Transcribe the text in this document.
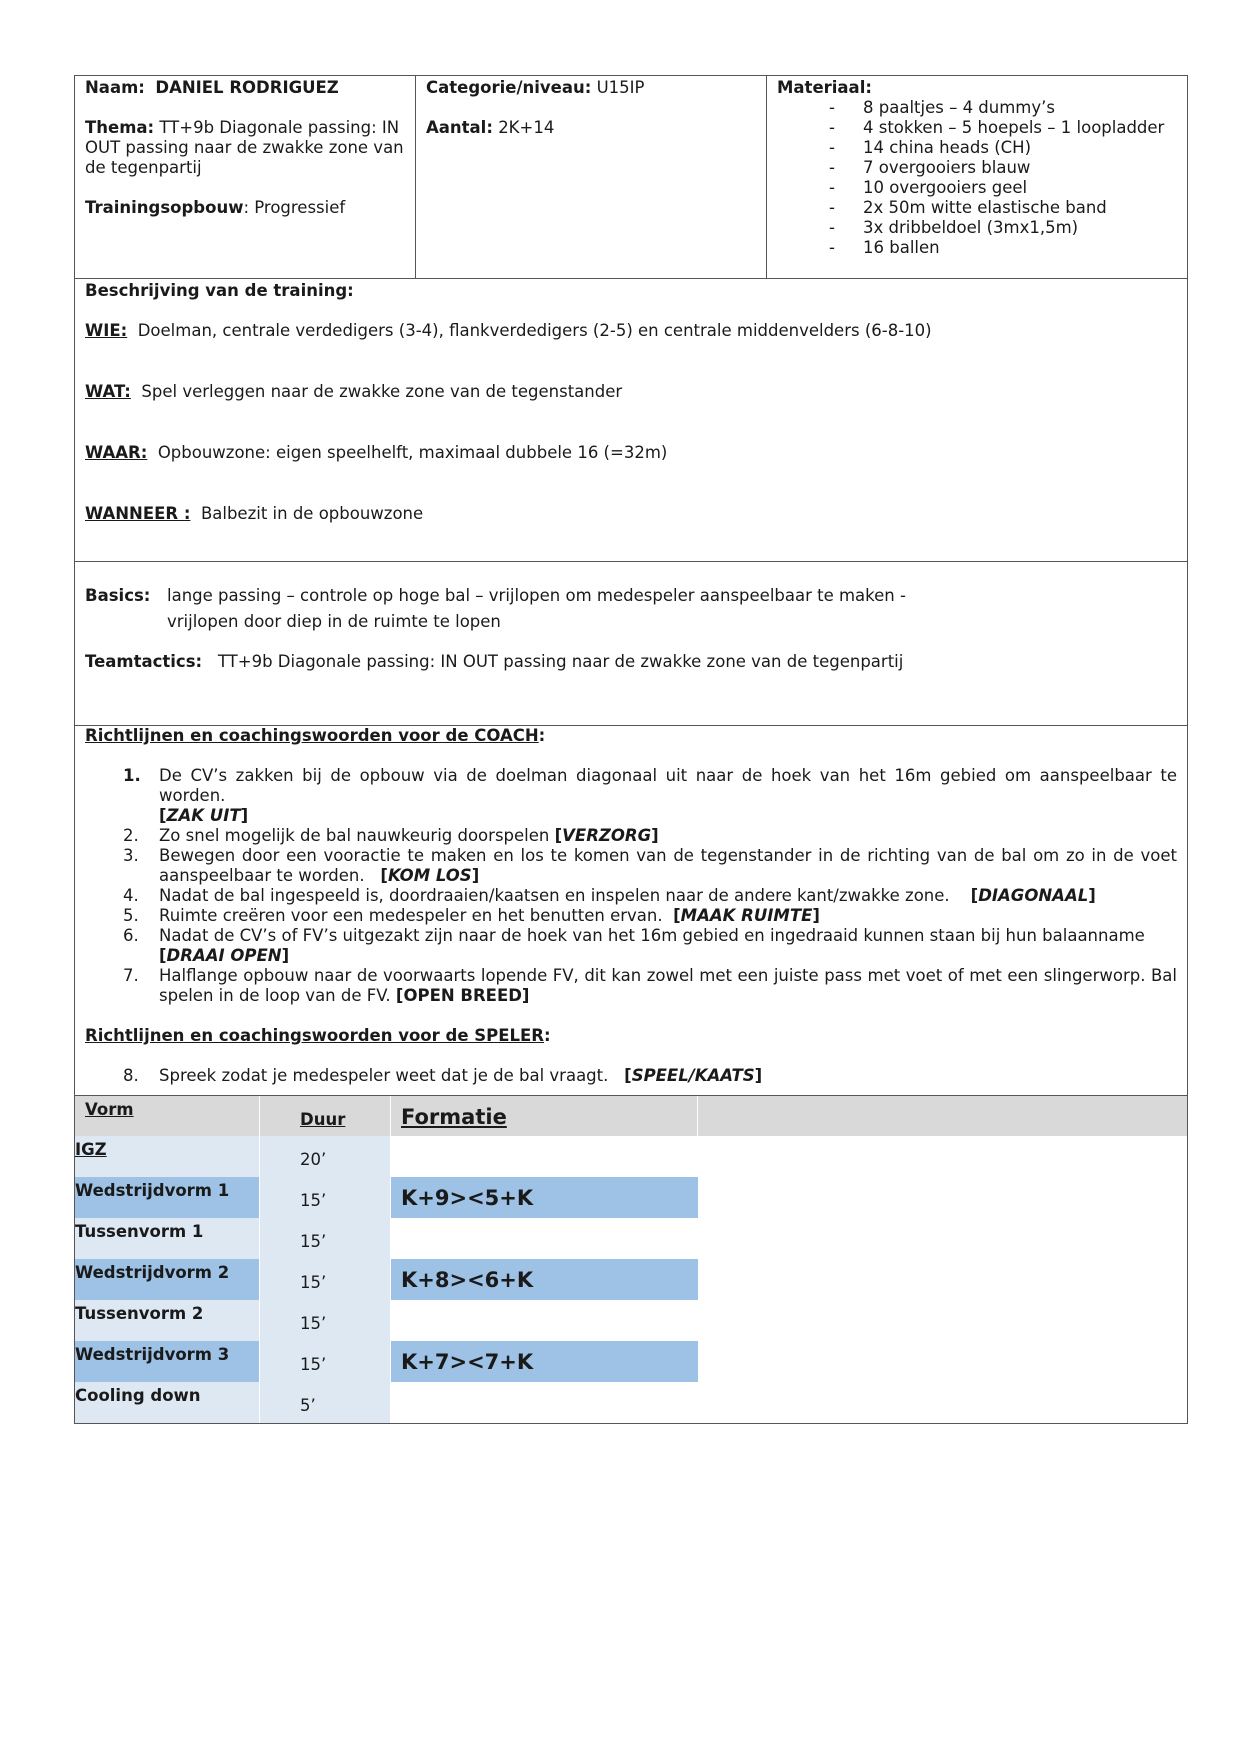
Naam: DANIEL RODRIGUEZ
Thema: TT+9b Diagonale passing: IN OUT passing naar de zwakke zone van de tegenpartij
Trainingsopbouw: Progressief

Categorie/niveau: U15IP
Aantal: 2K+14

Materiaal:
- 8 paaltjes – 4 dummy’s
- 4 stokken – 5 hoepels – 1 loopladder
- 14 china heads (CH)
- 7 overgooiers blauw
- 10 overgooiers geel
- 2x 50m witte elastische band
- 3x dribbeldoel (3mx1,5m)
- 16 ballen

Beschrijving van de training:
WIE: Doelman, centrale verdedigers (3-4), flankverdedigers (2-5) en centrale middenvelders (6-8-10)
WAT: Spel verleggen naar de zwakke zone van de tegenstander
WAAR: Opbouwzone: eigen speelhelft, maximaal dubbele 16 (=32m)
WANNEER : Balbezit in de opbouwzone

Basics: lange passing – controle op hoge bal – vrijlopen om medespeler aanspeelbaar te maken -
vrijlopen door diep in de ruimte te lopen
Teamtactics: TT+9b Diagonale passing: IN OUT passing naar de zwakke zone van de tegenpartij

Richtlijnen en coachingswoorden voor de COACH:
1. De CV’s zakken bij de opbouw via de doelman diagonaal uit naar de hoek van het 16m gebied om aanspeelbaar te worden.
[ZAK UIT]
2. Zo snel mogelijk de bal nauwkeurig doorspelen [VERZORG]
3. Bewegen door een vooractie te maken en los te komen van de tegenstander in de richting van de bal om zo in de voet aanspeelbaar te worden. [KOM LOS]
4. Nadat de bal ingespeeld is, doordraaien/kaatsen en inspelen naar de andere kant/zwakke zone. [DIAGONAAL]
5. Ruimte creëren voor een medespeler en het benutten ervan. [MAAK RUIMTE]
6. Nadat de CV’s of FV’s uitgezakt zijn naar de hoek van het 16m gebied en ingedraaid kunnen staan bij hun balaanname
[DRAAI OPEN]
7. Halflange opbouw naar de voorwaarts lopende FV, dit kan zowel met een juiste pass met voet of met een slingerworp. Bal spelen in de loop van de FV. [OPEN BREED]
Richtlijnen en coachingswoorden voor de SPELER:
8. Spreek zodat je medespeler weet dat je de bal vraagt. [SPEEL/KAATS]
Vorm	Duur	Formatie	

IGZ	20’		

Wedstrijdvorm 1	15’	K+9><5+K	

Tussenvorm 1	15’		

Wedstrijdvorm 2	15’	K+8><6+K	

Tussenvorm 2	15’		

Wedstrijdvorm 3	15’	K+7><7+K	

Cooling down	5’		
